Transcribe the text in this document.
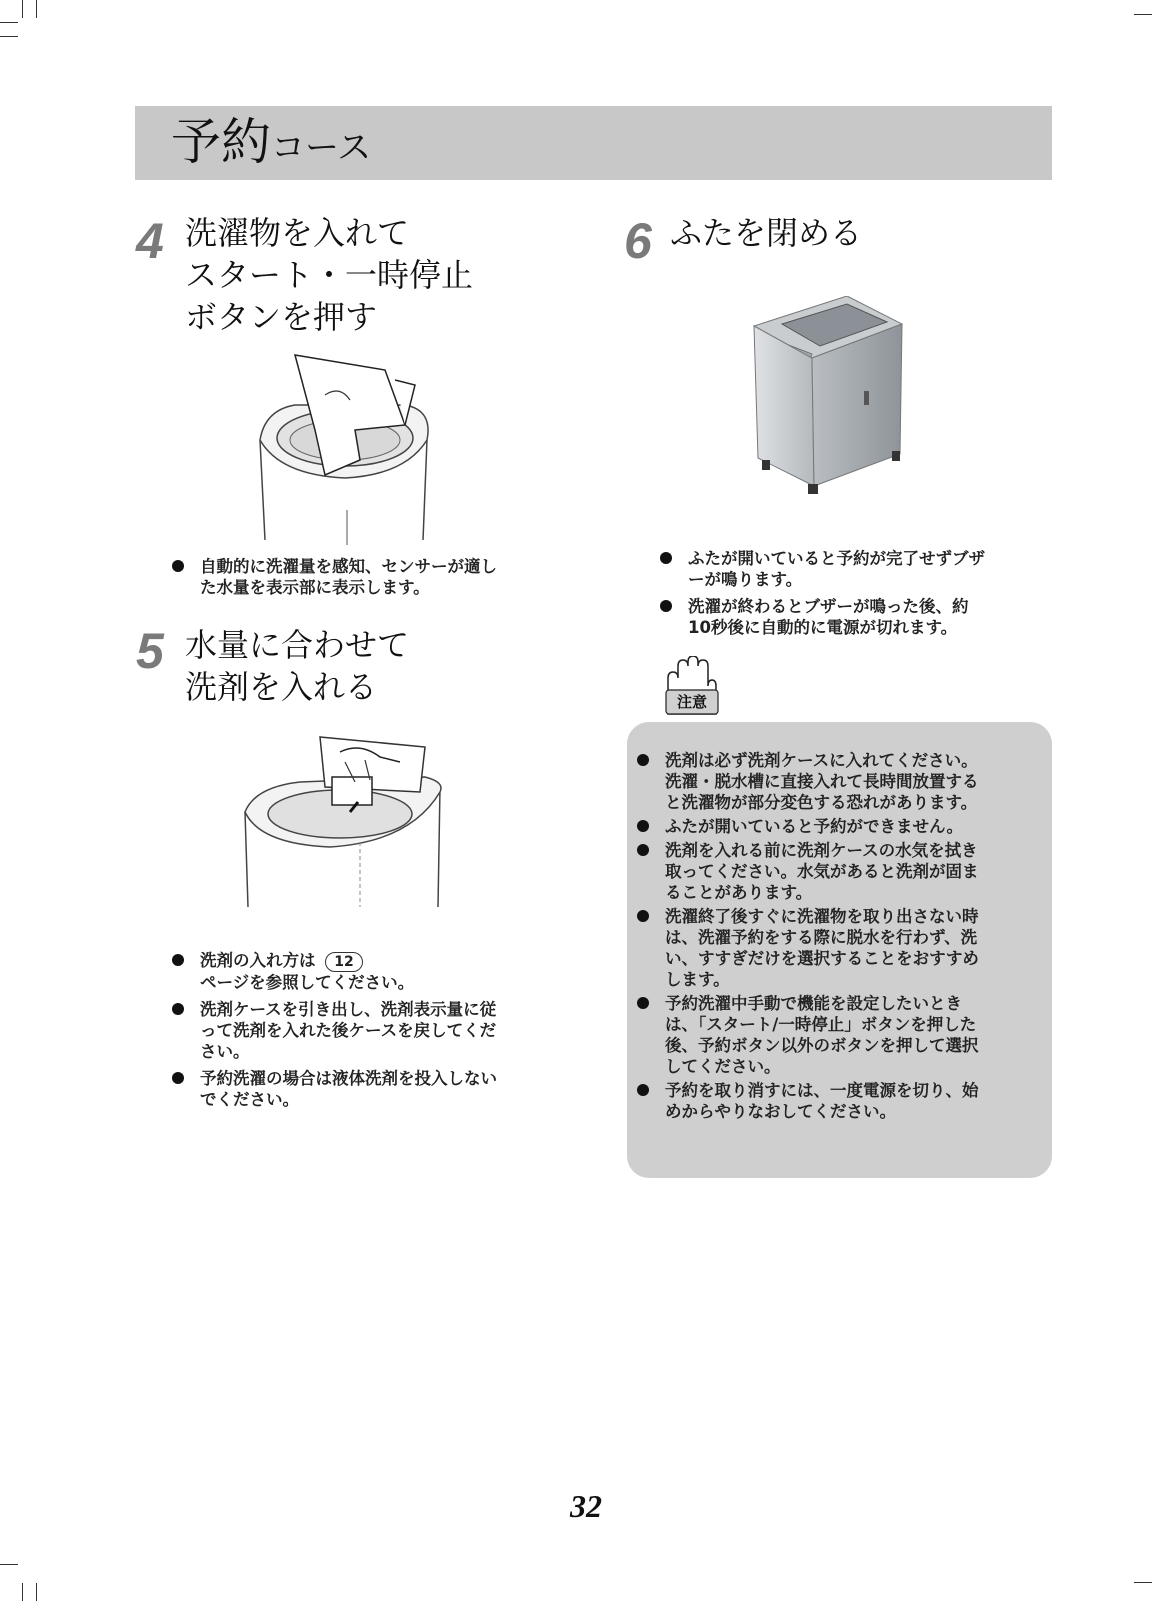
予約コース
4 洗濯物を入れて
スタート・一時停止
ボタンを押す
自動的に洗濯量を感知、センサーが適し
た水量を表示部に表示します。
5 水量に合わせて
洗剤を入れる
洗剤の入れ方は 12
ページを参照してください。
洗剤ケースを引き出し、洗剤表示量に従
って洗剤を入れた後ケースを戻してくだ
さい。
予約洗濯の場合は液体洗剤を投入しない
でください。
6 ふたを閉める
ふたが開いていると予約が完了せずブザ
ーが鳴ります。
洗濯が終わるとブザーが鳴った後、約
10秒後に自動的に電源が切れます。
注意
洗剤は必ず洗剤ケースに入れてください。
洗濯・脱水槽に直接入れて長時間放置する
と洗濯物が部分変色する恐れがあります。
ふたが開いていると予約ができません。
洗剤を入れる前に洗剤ケースの水気を拭き
取ってください。水気があると洗剤が固ま
ることがあります。
洗濯終了後すぐに洗濯物を取り出さない時
は、洗濯予約をする際に脱水を行わず、洗
い、すすぎだけを選択することをおすすめ
します。
予約洗濯中手動で機能を設定したいとき
は、「スタート/一時停止」ボタンを押した
後、予約ボタン以外のボタンを押して選択
してください。
予約を取り消すには、一度電源を切り、始
めからやりなおしてください。
32
